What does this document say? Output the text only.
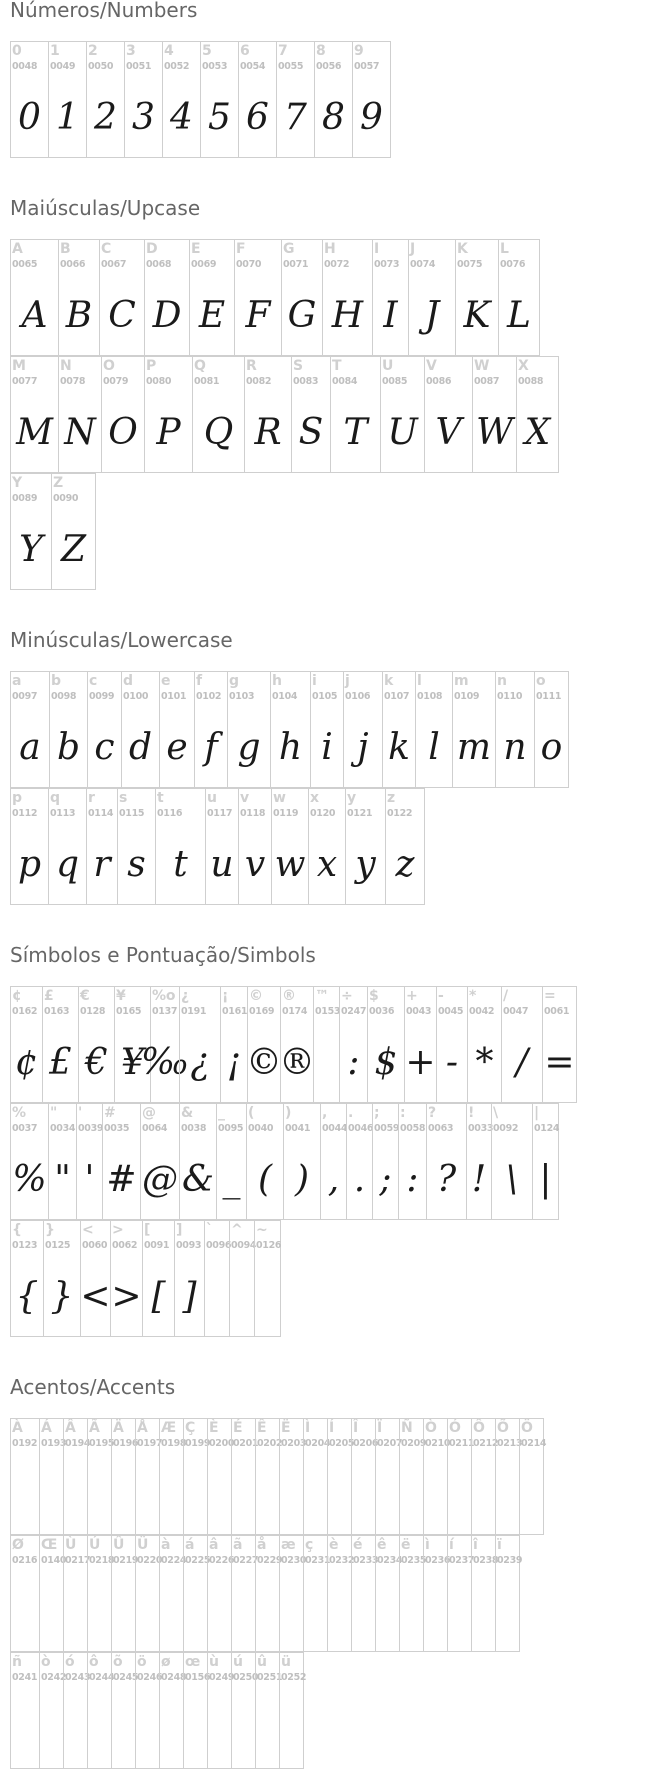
Números/Numbers
Maiúsculas/Upcase
Minúsculas/Lowercase
Símbolos e Pontuação/Simbols
Acentos/Accents
0
0048
0
1
0049
1
2
0050
2
3
0051
3
4
0052
4
5
0053
5
6
0054
6
7
0055
7
8
0056
8
9
0057
9
A
0065
A
B
0066
B
C
0067
C
D
0068
D
E
0069
E
F
0070
F
G
0071
G
H
0072
H
I
0073
I
J
0074
J
K
0075
K
L
0076
L
M
0077
M
N
0078
N
O
0079
O
P
0080
P
Q
0081
Q
R
0082
R
S
0083
S
T
0084
T
U
0085
U
V
0086
V
W
0087
W
X
0088
X
Y
0089
Y
Z
0090
Z
a
0097
a
b
0098
b
c
0099
c
d
0100
d
e
0101
e
f
0102
f
g
0103
g
h
0104
h
i
0105
i
j
0106
j
k
0107
k
l
0108
l
m
0109
m
n
0110
n
o
0111
o
p
0112
p
q
0113
q
r
0114
r
s
0115
s
t
0116
t
u
0117
u
v
0118
v
w
0119
w
x
0120
x
y
0121
y
z
0122
z
¢
0162
¢
£
0163
£
€
0128
€
¥
0165
¥
%o
0137
‰
¿
0191
¿
¡
0161
¡
©
0169
©
®
0174
®
™
0153
÷
0247
:
$
0036
$
+
0043
+
-
0045
-
*
0042
*
/
0047
/
=
0061
=
%
0037
%
"
0034
"
'
0039
'
#
0035
#
@
0064
@
&
0038
&
_
0095
_
(
0040
(
)
0041
)
,
0044
,
.
0046
.
;
0059
;
:
0058
:
?
0063
?
!
0033
!
\
0092
\
|
0124
|
{
0123
{
}
0125
}
<
0060
<
>
0062
>
[
0091
[
]
0093
]
`
0096
^
0094
~
0126
À
0192
Á
0193
Â
0194
Ã
0195
Ä
0196
Å
0197
Æ
0198
Ç
0199
È
0200
É
0201
Ê
0202
Ë
0203
Ì
0204
Í
0205
Î
0206
Ï
0207
Ñ
0209
Ò
0210
Ó
0211
Ô
0212
Õ
0213
Ö
0214
Ø
0216
Œ
0140
Ù
0217
Ú
0218
Û
0219
Ü
0220
à
0224
á
0225
â
0226
ã
0227
å
0229
æ
0230
ç
0231
è
0232
é
0233
ê
0234
ë
0235
ì
0236
í
0237
î
0238
ï
0239
ñ
0241
ò
0242
ó
0243
ô
0244
õ
0245
ö
0246
ø
0248
œ
0156
ù
0249
ú
0250
û
0251
ü
0252
